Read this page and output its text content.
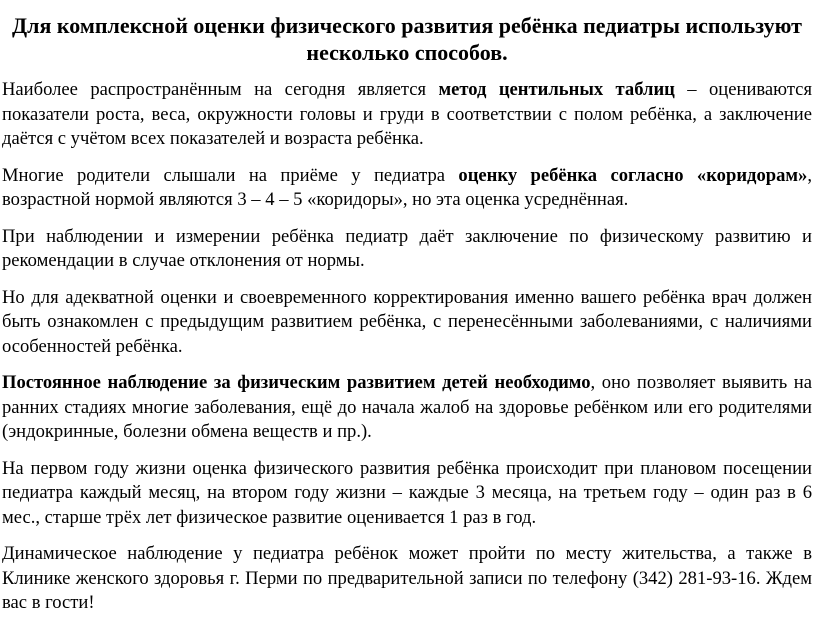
Для комплексной оценки физического развития ребёнка педиатры используют несколько способов.

Наиболее распространённым на сегодня является метод центильных таблиц – оцениваются показатели роста, веса, окружности головы и груди в соответствии с полом ребёнка, а заключение даётся с учётом всех показателей и возраста ребёнка.

Многие родители слышали на приёме у педиатра оценку ребёнка согласно «коридорам», возрастной нормой являются 3 – 4 – 5 «коридоры», но эта оценка усреднённая.

При наблюдении и измерении ребёнка педиатр даёт заключение по физическому развитию и рекомендации в случае отклонения от нормы.

Но для адекватной оценки и своевременного корректирования именно вашего ребёнка врач должен быть ознакомлен с предыдущим развитием ребёнка, с перенесёнными заболеваниями, с наличиями особенностей ребёнка.

Постоянное наблюдение за физическим развитием детей необходимо, оно позволяет выявить на ранних стадиях многие заболевания, ещё до начала жалоб на здоровье ребёнком или его родителями (эндокринные, болезни обмена веществ и пр.).

На первом году жизни оценка физического развития ребёнка происходит при плановом посещении педиатра каждый месяц, на втором году жизни – каждые 3 месяца, на третьем году – один раз в 6 мес., старше трёх лет физическое развитие оценивается 1 раз в год.

Динамическое наблюдение у педиатра ребёнок может пройти по месту жительства, а также в Клинике женского здоровья г. Перми по предварительной записи по телефону (342) 281-93-16. Ждем вас в гости!
